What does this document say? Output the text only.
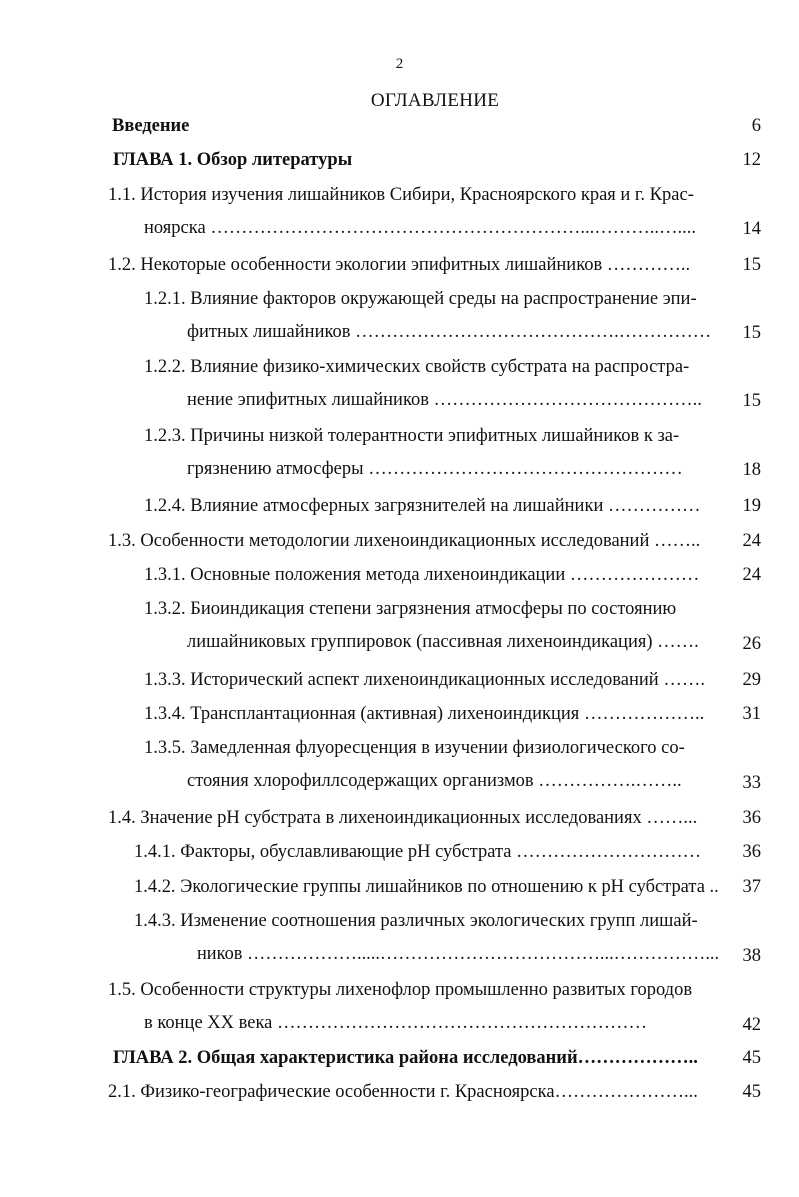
2
ОГЛАВЛЕНИЕ
Введение	6
ГЛАВА 1. Обзор литературы	12
1.1. История изучения лишайников Сибири, Красноярского края и г. Крас-
ноярска ……………………………………………………...………..…....	14
1.2. Некоторые особенности экологии эпифитных лишайников …………..	15
1.2.1. Влияние факторов окружающей среды на распространение эпи-
фитных лишайников …………………………………….…………… 15
1.2.2. Влияние физико-химических свойств субстрата на распростра-
нение эпифитных лишайников …………………………………….. 15
1.2.3. Причины низкой толерантности эпифитных лишайников к за-
грязнению атмосферы ……………………………………………	18
1.2.4. Влияние атмосферных загрязнителей на лишайники …………… 19
1.3. Особенности методологии лихеноиндикационных исследований …….. 24
1.3.1. Основные положения метода лихеноиндикации ………………… 24
1.3.2. Биоиндикация степени загрязнения атмосферы по состоянию
лишайниковых группировок (пассивная лихеноиндикация) ……. 26
1.3.3. Исторический аспект лихеноиндикационных исследований ……. 29
1.3.4. Трансплантационная (активная) лихеноиндикция ……………….. 31
1.3.5. Замедленная флуоресценция в изучении физиологического со-
стояния хлорофиллсодержащих организмов …………….……..	33
1.4. Значение pH субстрата в лихеноиндикационных исследованиях ……... 36
1.4.1. Факторы, обуславливающие pH субстрата ………………………… 36
1.4.2. Экологические группы лишайников по отношению к pH субстрата .. 37
1.4.3. Изменение соотношения различных экологических групп лишай-
ников ……………….....………………………………...……………... 38
1.5. Особенности структуры лихенофлор промышленно развитых городов
в конце XX века ……………………………………………………	42
ГЛАВА 2. Общая характеристика района исследований……………….. 45
2.1. Физико-географические особенности г. Красноярска…………………... 45
